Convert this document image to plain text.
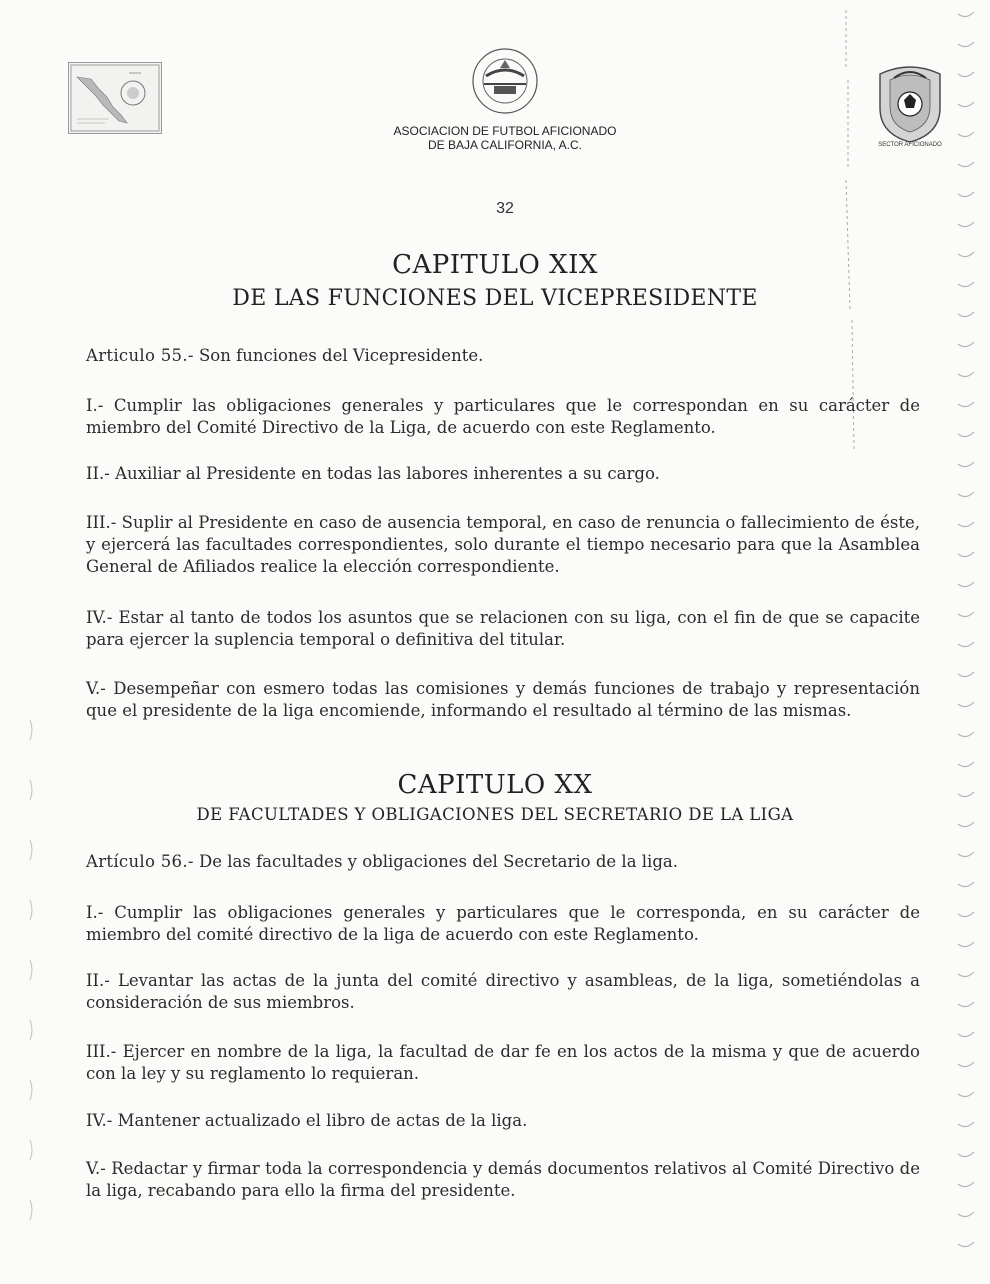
SECTOR AFICIONADO
ASOCIACION DE FUTBOL AFICIONADO
DE BAJA CALIFORNIA, A.C.
32
CAPITULO XIX
DE LAS FUNCIONES DEL VICEPRESIDENTE
Articulo 55.- Son funciones del Vicepresidente.
I.- Cumplir las obligaciones generales y particulares que le correspondan en su carácter de miembro del Comité Directivo de la Liga, de acuerdo con este Reglamento.
II.- Auxiliar al Presidente en todas las labores inherentes a su cargo.
III.- Suplir al Presidente en caso de ausencia temporal, en caso de renuncia o fallecimiento de éste, y ejercerá las facultades correspondientes, solo durante el tiempo necesario para que la Asamblea General de Afiliados realice la elección correspondiente.
IV.- Estar al tanto de todos los asuntos que se relacionen con su liga, con el fin de que se capacite para ejercer la suplencia temporal o definitiva del titular.
V.- Desempeñar con esmero todas las comisiones y demás funciones de trabajo y representación que el presidente de la liga encomiende, informando el resultado al término de las mismas.
CAPITULO XX
DE FACULTADES Y OBLIGACIONES DEL SECRETARIO DE LA LIGA
Artículo 56.- De las facultades y obligaciones del Secretario de la liga.
I.- Cumplir las obligaciones generales y particulares que le corresponda, en su carácter de miembro del comité directivo de la liga de acuerdo con este Reglamento.
II.- Levantar las actas de la junta del comité directivo y asambleas, de la liga, sometiéndolas a consideración de sus miembros.
III.- Ejercer en nombre de la liga, la facultad de dar fe en los actos de la misma y que de acuerdo con la ley y su reglamento lo requieran.
IV.- Mantener actualizado el libro de actas de la liga.
V.- Redactar y firmar toda la correspondencia y demás documentos relativos al Comité Directivo de la liga, recabando para ello la firma del presidente.
